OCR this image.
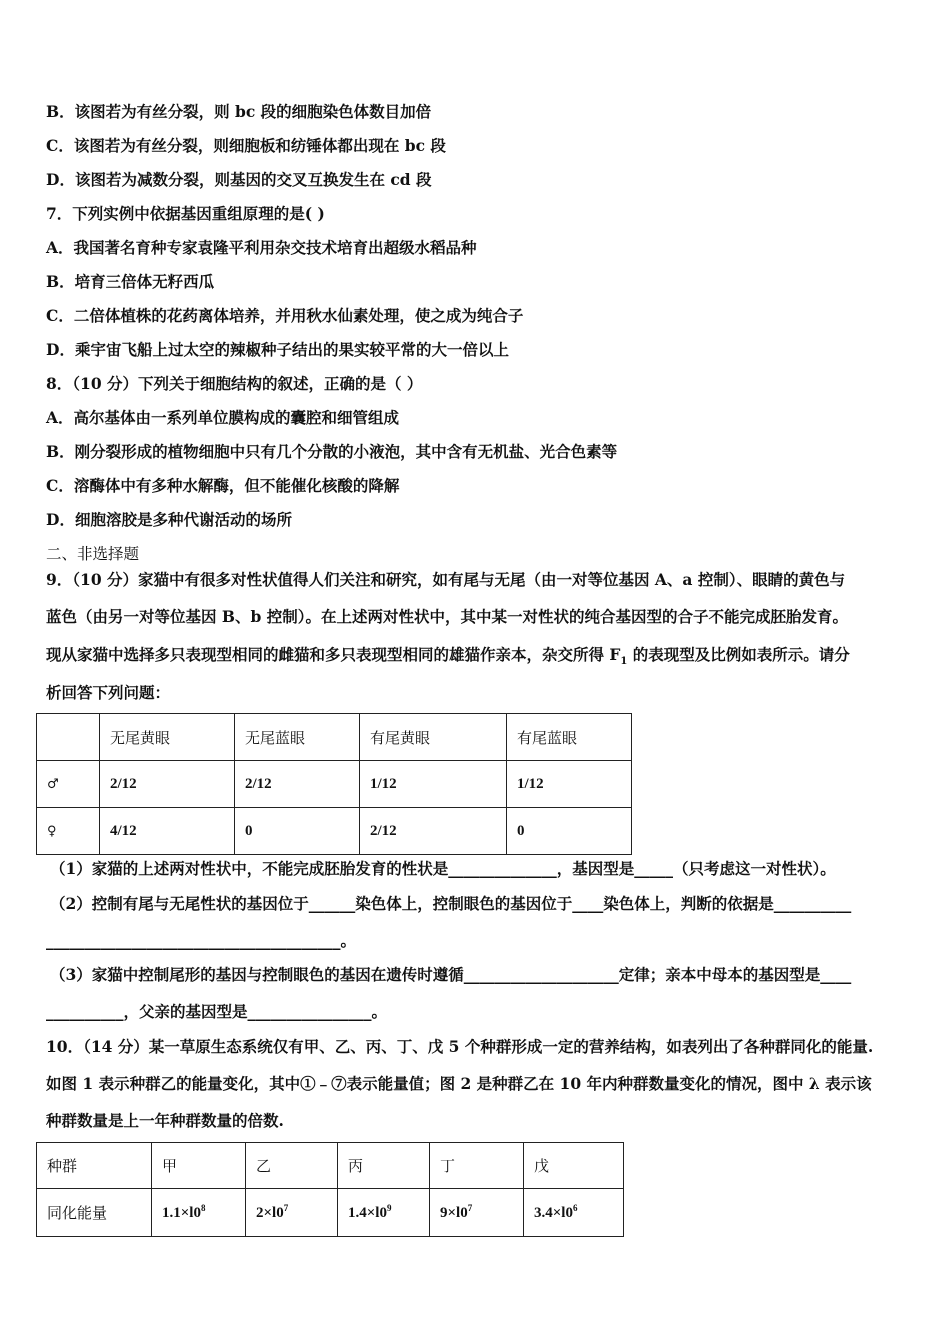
B．该图若为有丝分裂，则 bc 段的细胞染色体数目加倍
C．该图若为有丝分裂，则细胞板和纺锤体都出现在 bc 段
D．该图若为减数分裂，则基因的交叉互换发生在 cd 段
7．下列实例中依据基因重组原理的是( )
A．我国著名育种专家袁隆平利用杂交技术培育出超级水稻品种
B．培育三倍体无籽西瓜
C．二倍体植株的花药离体培养，并用秋水仙素处理，使之成为纯合子
D．乘宇宙飞船上过太空的辣椒种子结出的果实较平常的大一倍以上
8．（10 分）下列关于细胞结构的叙述，正确的是（ ）
A．高尔基体由一系列单位膜构成的囊腔和细管组成
B．刚分裂形成的植物细胞中只有几个分散的小液泡，其中含有无机盐、光合色素等
C．溶酶体中有多种水解酶，但不能催化核酸的降解
D．细胞溶胶是多种代谢活动的场所
二、非选择题
9．（10 分）家猫中有很多对性状值得人们关注和研究，如有尾与无尾（由一对等位基因 A、a 控制）、眼睛的黄色与
蓝色（由另一对等位基因 B、b 控制）。在上述两对性状中，其中某一对性状的纯合基因型的合子不能完成胚胎发育。
现从家猫中选择多只表现型相同的雌猫和多只表现型相同的雄猫作亲本，杂交所得 $F_1$ 的表现型及比例如表所示。请分
析回答下列问题：
	无尾黄眼	无尾蓝眼	有尾黄眼	有尾蓝眼
♂	2/12	2/12	1/12	1/12
♀	4/12	0	2/12	0
（1）家猫的上述两对性状中，不能完成胚胎发育的性状是______________，基因型是_____（只考虑这一对性状）。
（2）控制有尾与无尾性状的基因位于______染色体上，控制眼色的基因位于____染色体上，判断的依据是__________
______________________________________。
（3）家猫中控制尾形的基因与控制眼色的基因在遗传时遵循____________________定律；亲本中母本的基因型是____
__________，父亲的基因型是________________。
10．（14 分）某一草原生态系统仅有甲、乙、丙、丁、戊 5 个种群形成一定的营养结构，如表列出了各种群同化的能量.
如图 1 表示种群乙的能量变化，其中①﹣⑦表示能量值；图 2 是种群乙在 10 年内种群数量变化的情况，图中 λ 表示该
种群数量是上一年种群数量的倍数.
种群	甲	乙	丙	丁	戊
同化能量	$1.1\times l0^8$	$2\times l0^7$	$1.4\times l0^9$	$9\times l0^7$	$3.4\times l0^6$
